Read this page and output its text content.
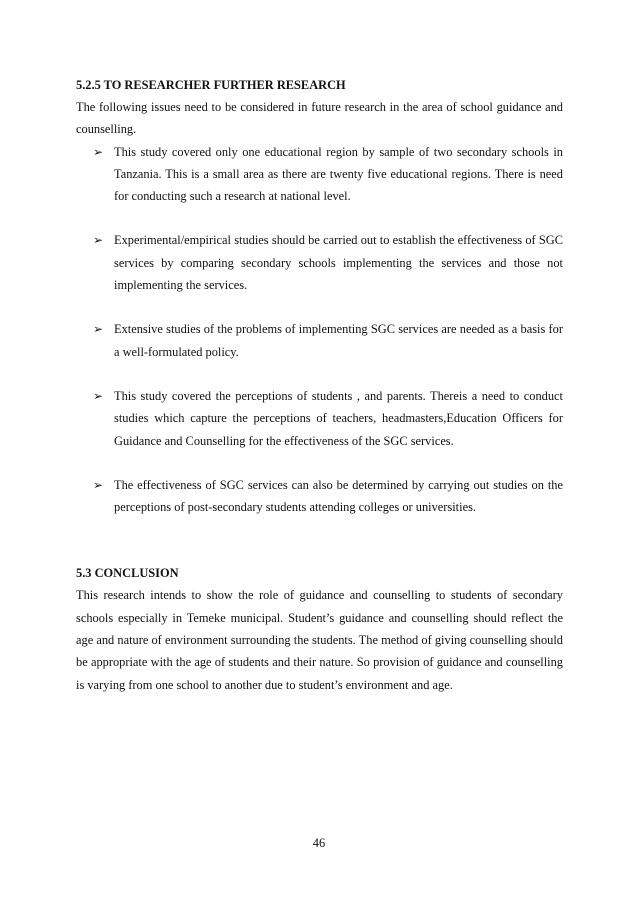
5.2.5 TO RESEARCHER FURTHER RESEARCH

The following issues need to be considered in future research in the area of school guidance and counselling.

➢ This study covered only one educational region by sample of two secondary schools in Tanzania. This is a small area as there are twenty five educational regions. There is need for conducting such a research at national level.
➢ Experimental/empirical studies should be carried out to establish the effectiveness of SGC services by comparing secondary schools implementing the services and those not implementing the services.
➢ Extensive studies of the problems of implementing SGC services are needed as a basis for a well-formulated policy.
➢ This study covered the perceptions of students , and parents. Thereis a need to conduct studies which capture the perceptions of teachers, headmasters,Education Officers for Guidance and Counselling for the effectiveness of the SGC services.
➢ The effectiveness of SGC services can also be determined by carrying out studies on the perceptions of post-secondary students attending colleges or universities.
5.3 CONCLUSION

This research intends to show the role of guidance and counselling to students of secondary schools especially in Temeke municipal. Student’s guidance and counselling should reflect the age and nature of environment surrounding the students. The method of giving counselling should be appropriate with the age of students and their nature. So provision of guidance and counselling is varying from one school to another due to student’s environment and age.

46
